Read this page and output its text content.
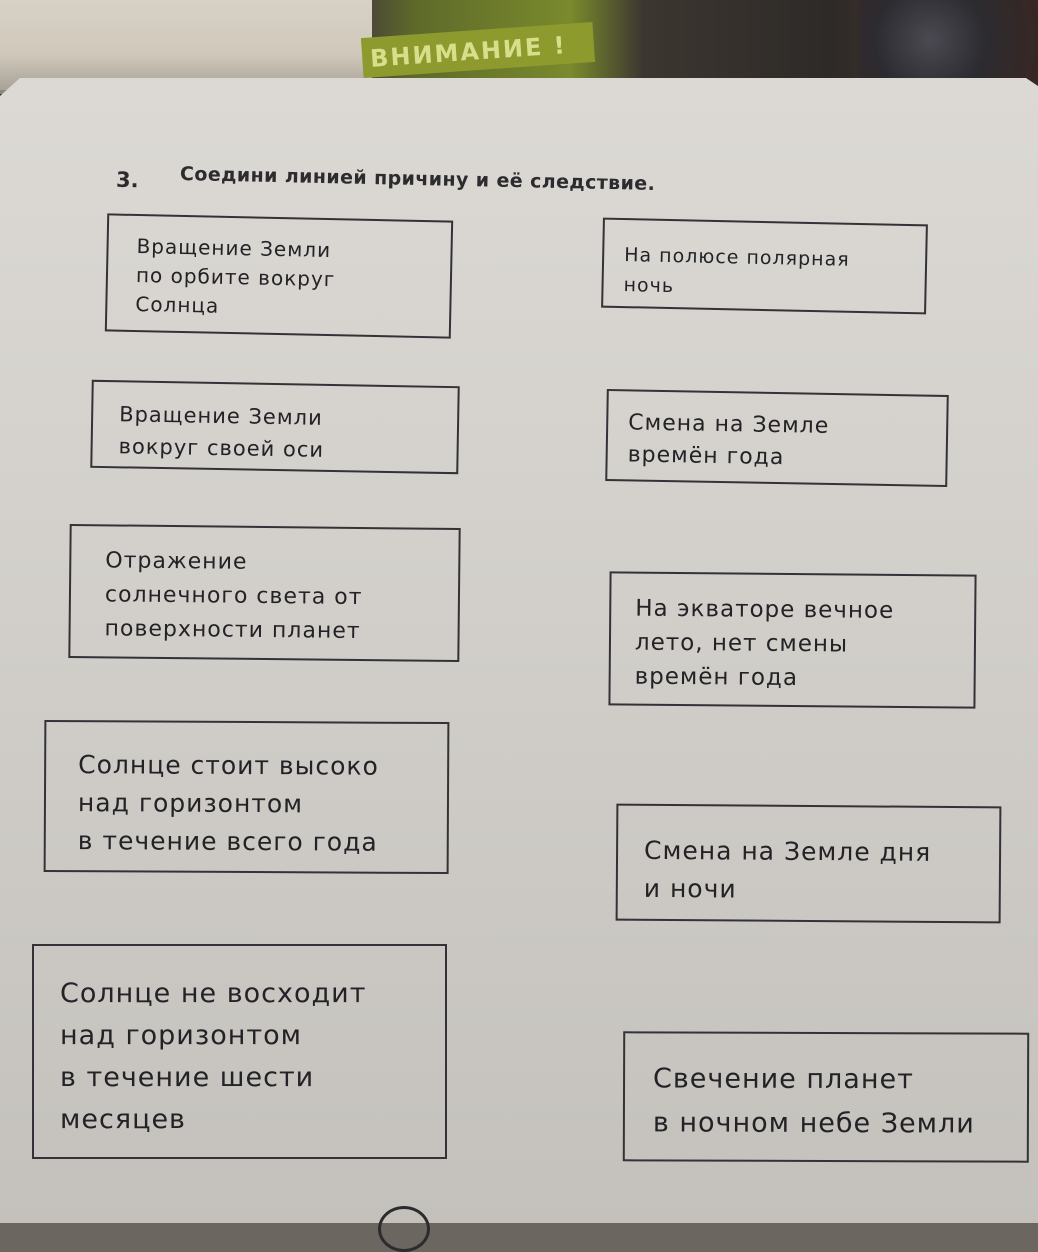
ВНИМАНИЕ !
3. Соедини линией причину и её следствие.
Вращение Земли
по орбите вокруг
Солнца
Вращение Земли
вокруг своей оси
Отражение
солнечного света от
поверхности планет
Солнце стоит высоко
над горизонтом
в течение всего года
Солнце не восходит
над горизонтом
в течение шести
месяцев
На полюсе полярная
ночь
Смена на Земле
времён года
На экваторе вечное
лето, нет смены
времён года
Смена на Земле дня
и ночи
Свечение планет
в ночном небе Земли
